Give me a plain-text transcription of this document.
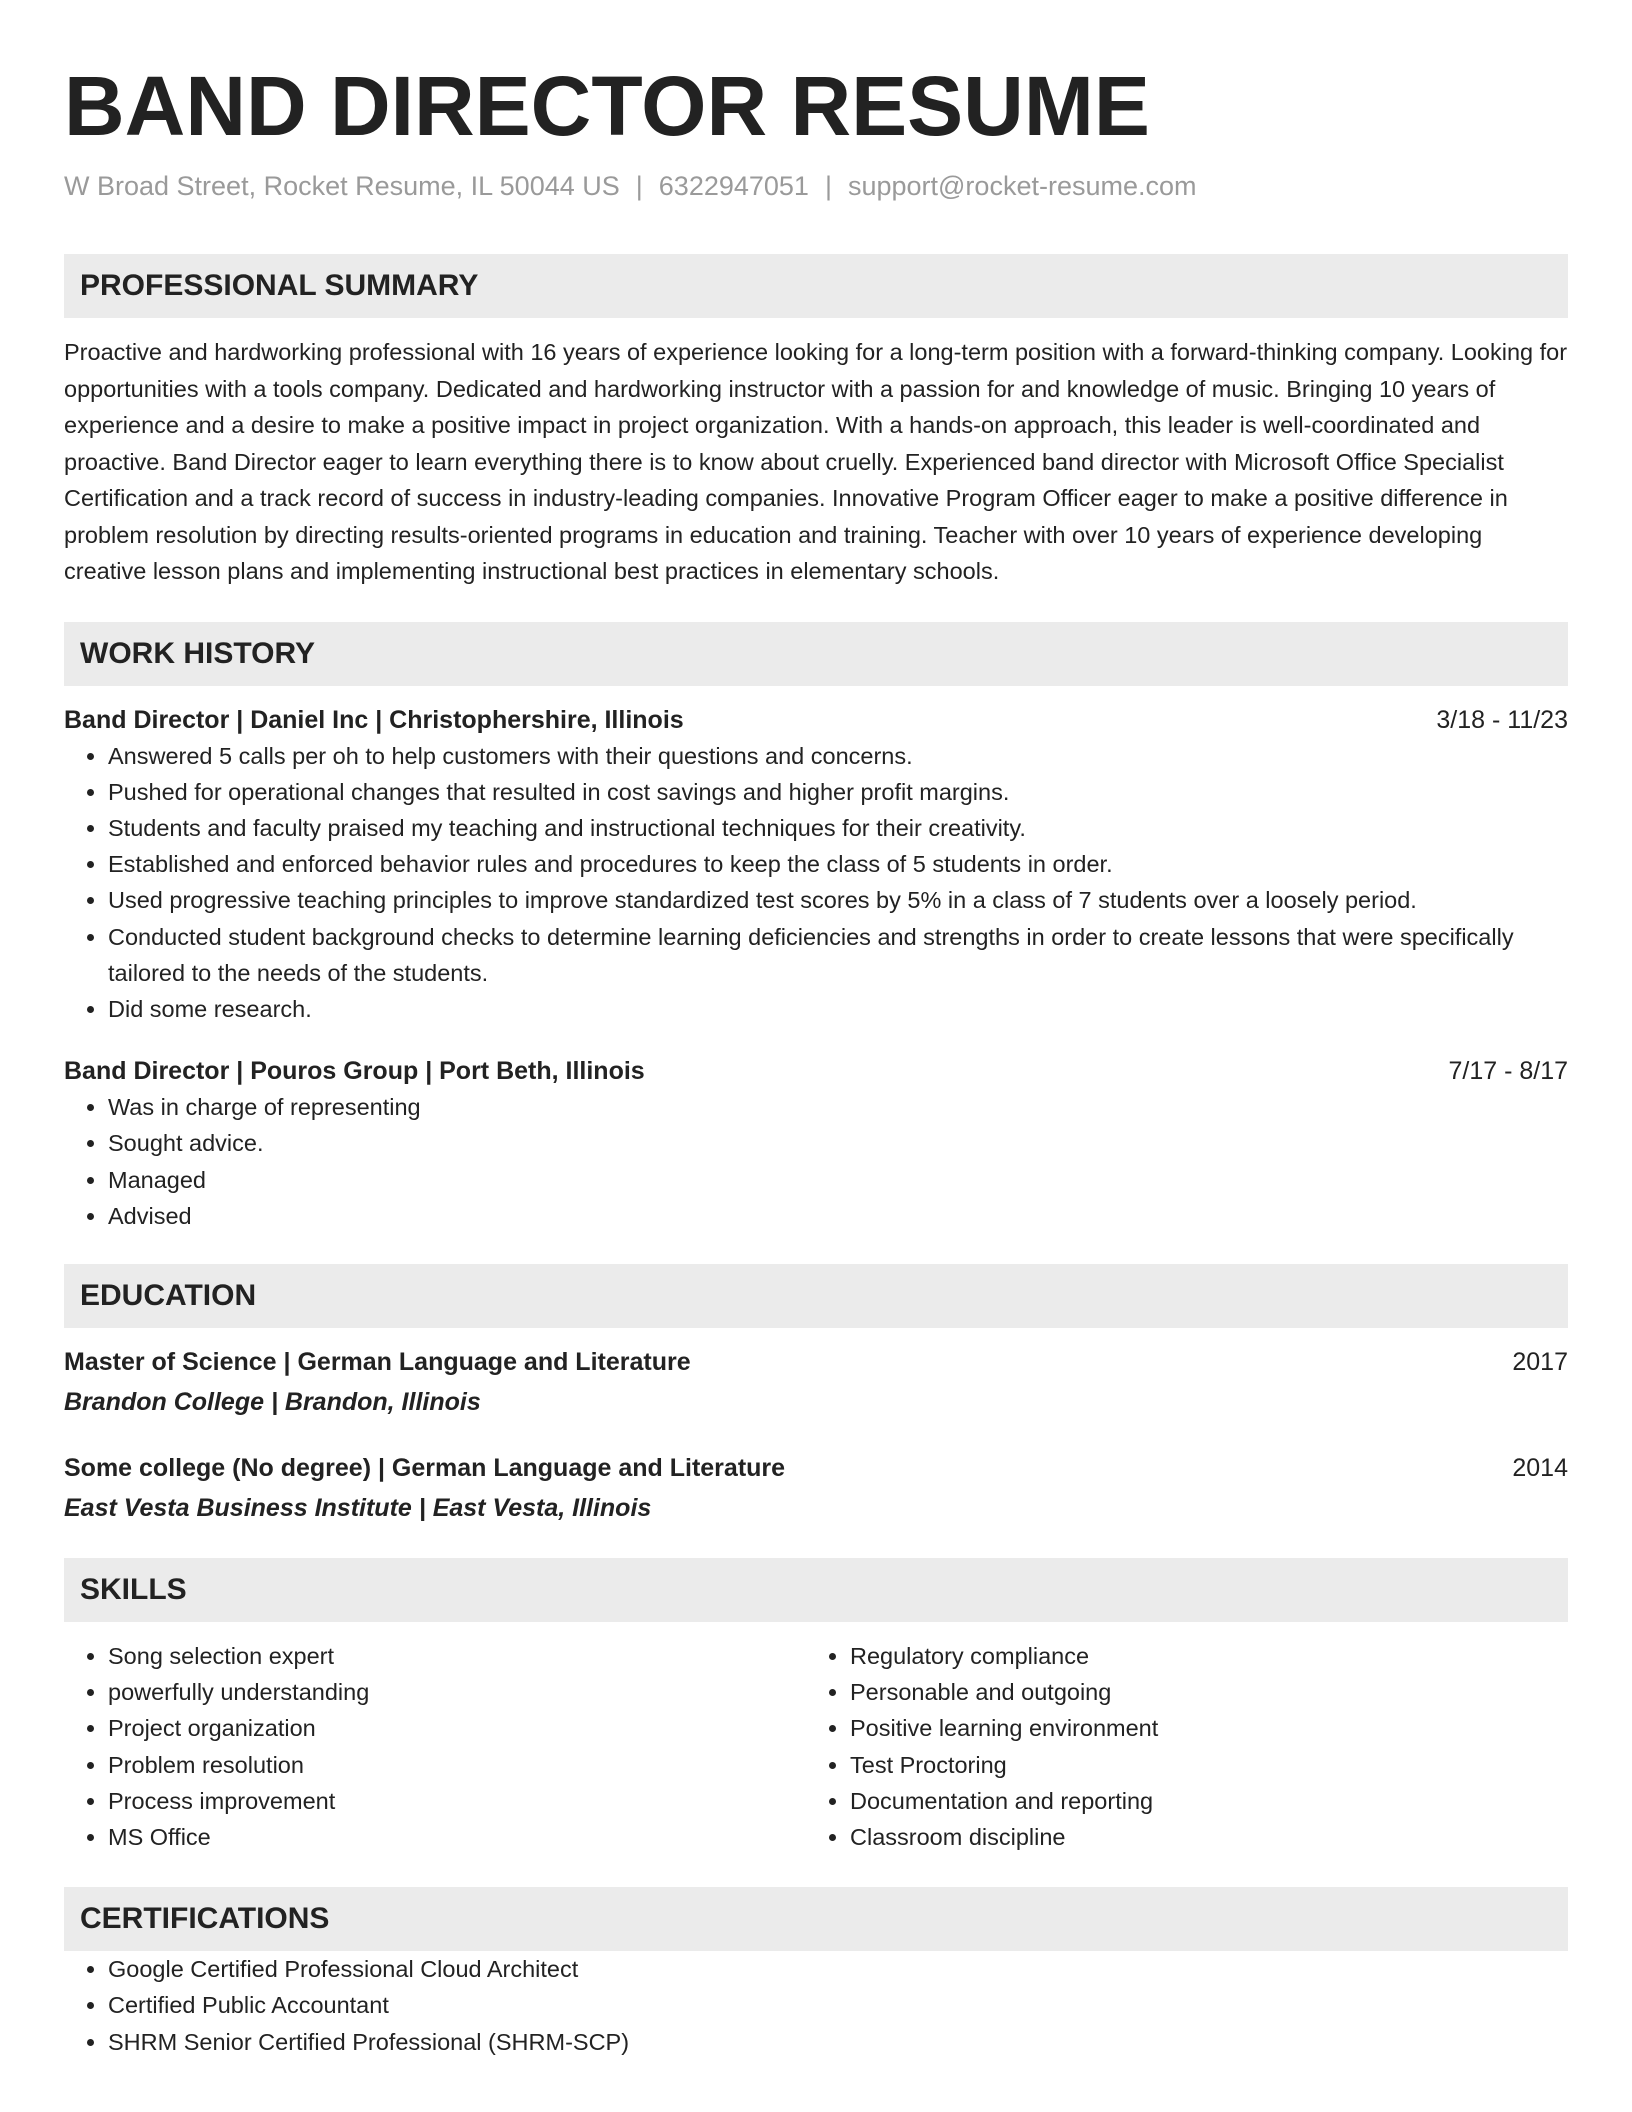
BAND DIRECTOR RESUME
W Broad Street, Rocket Resume, IL 50044 US | 6322947051 | support@rocket-resume.com
PROFESSIONAL SUMMARY

Proactive and hardworking professional with 16 years of experience looking for a long-term position with a forward-thinking company. Looking for opportunities with a tools company. Dedicated and hardworking instructor with a passion for and knowledge of music. Bringing 10 years of experience and a desire to make a positive impact in project organization. With a hands-on approach, this leader is well-coordinated and proactive. Band Director eager to learn everything there is to know about cruelly. Experienced band director with Microsoft Office Specialist Certification and a track record of success in industry-leading companies. Innovative Program Officer eager to make a positive difference in problem resolution by directing results-oriented programs in education and training. Teacher with over 10 years of experience developing creative lesson plans and implementing instructional best practices in elementary schools.

WORK HISTORY
Band Director | Daniel Inc | Christophershire, Illinois	3/18 - 11/23
• Answered 5 calls per oh to help customers with their questions and concerns.
• Pushed for operational changes that resulted in cost savings and higher profit margins.
• Students and faculty praised my teaching and instructional techniques for their creativity.
• Established and enforced behavior rules and procedures to keep the class of 5 students in order.
• Used progressive teaching principles to improve standardized test scores by 5% in a class of 7 students over a loosely period.
• Conducted student background checks to determine learning deficiencies and strengths in order to create lessons that were specifically tailored to the needs of the students.
• Did some research.
Band Director | Pouros Group | Port Beth, Illinois	7/17 - 8/17
• Was in charge of representing
• Sought advice.
• Managed
• Advised
EDUCATION
Master of Science | German Language and Literature	2017
Brandon College | Brandon, Illinois
Some college (No degree) | German Language and Literature	2014
East Vesta Business Institute | East Vesta, Illinois
SKILLS
• Song selection expert
• powerfully understanding
• Project organization
• Problem resolution
• Process improvement
• MS Office
• Regulatory compliance
• Personable and outgoing
• Positive learning environment
• Test Proctoring
• Documentation and reporting
• Classroom discipline
CERTIFICATIONS
• Google Certified Professional Cloud Architect
• Certified Public Accountant
• SHRM Senior Certified Professional (SHRM-SCP)
